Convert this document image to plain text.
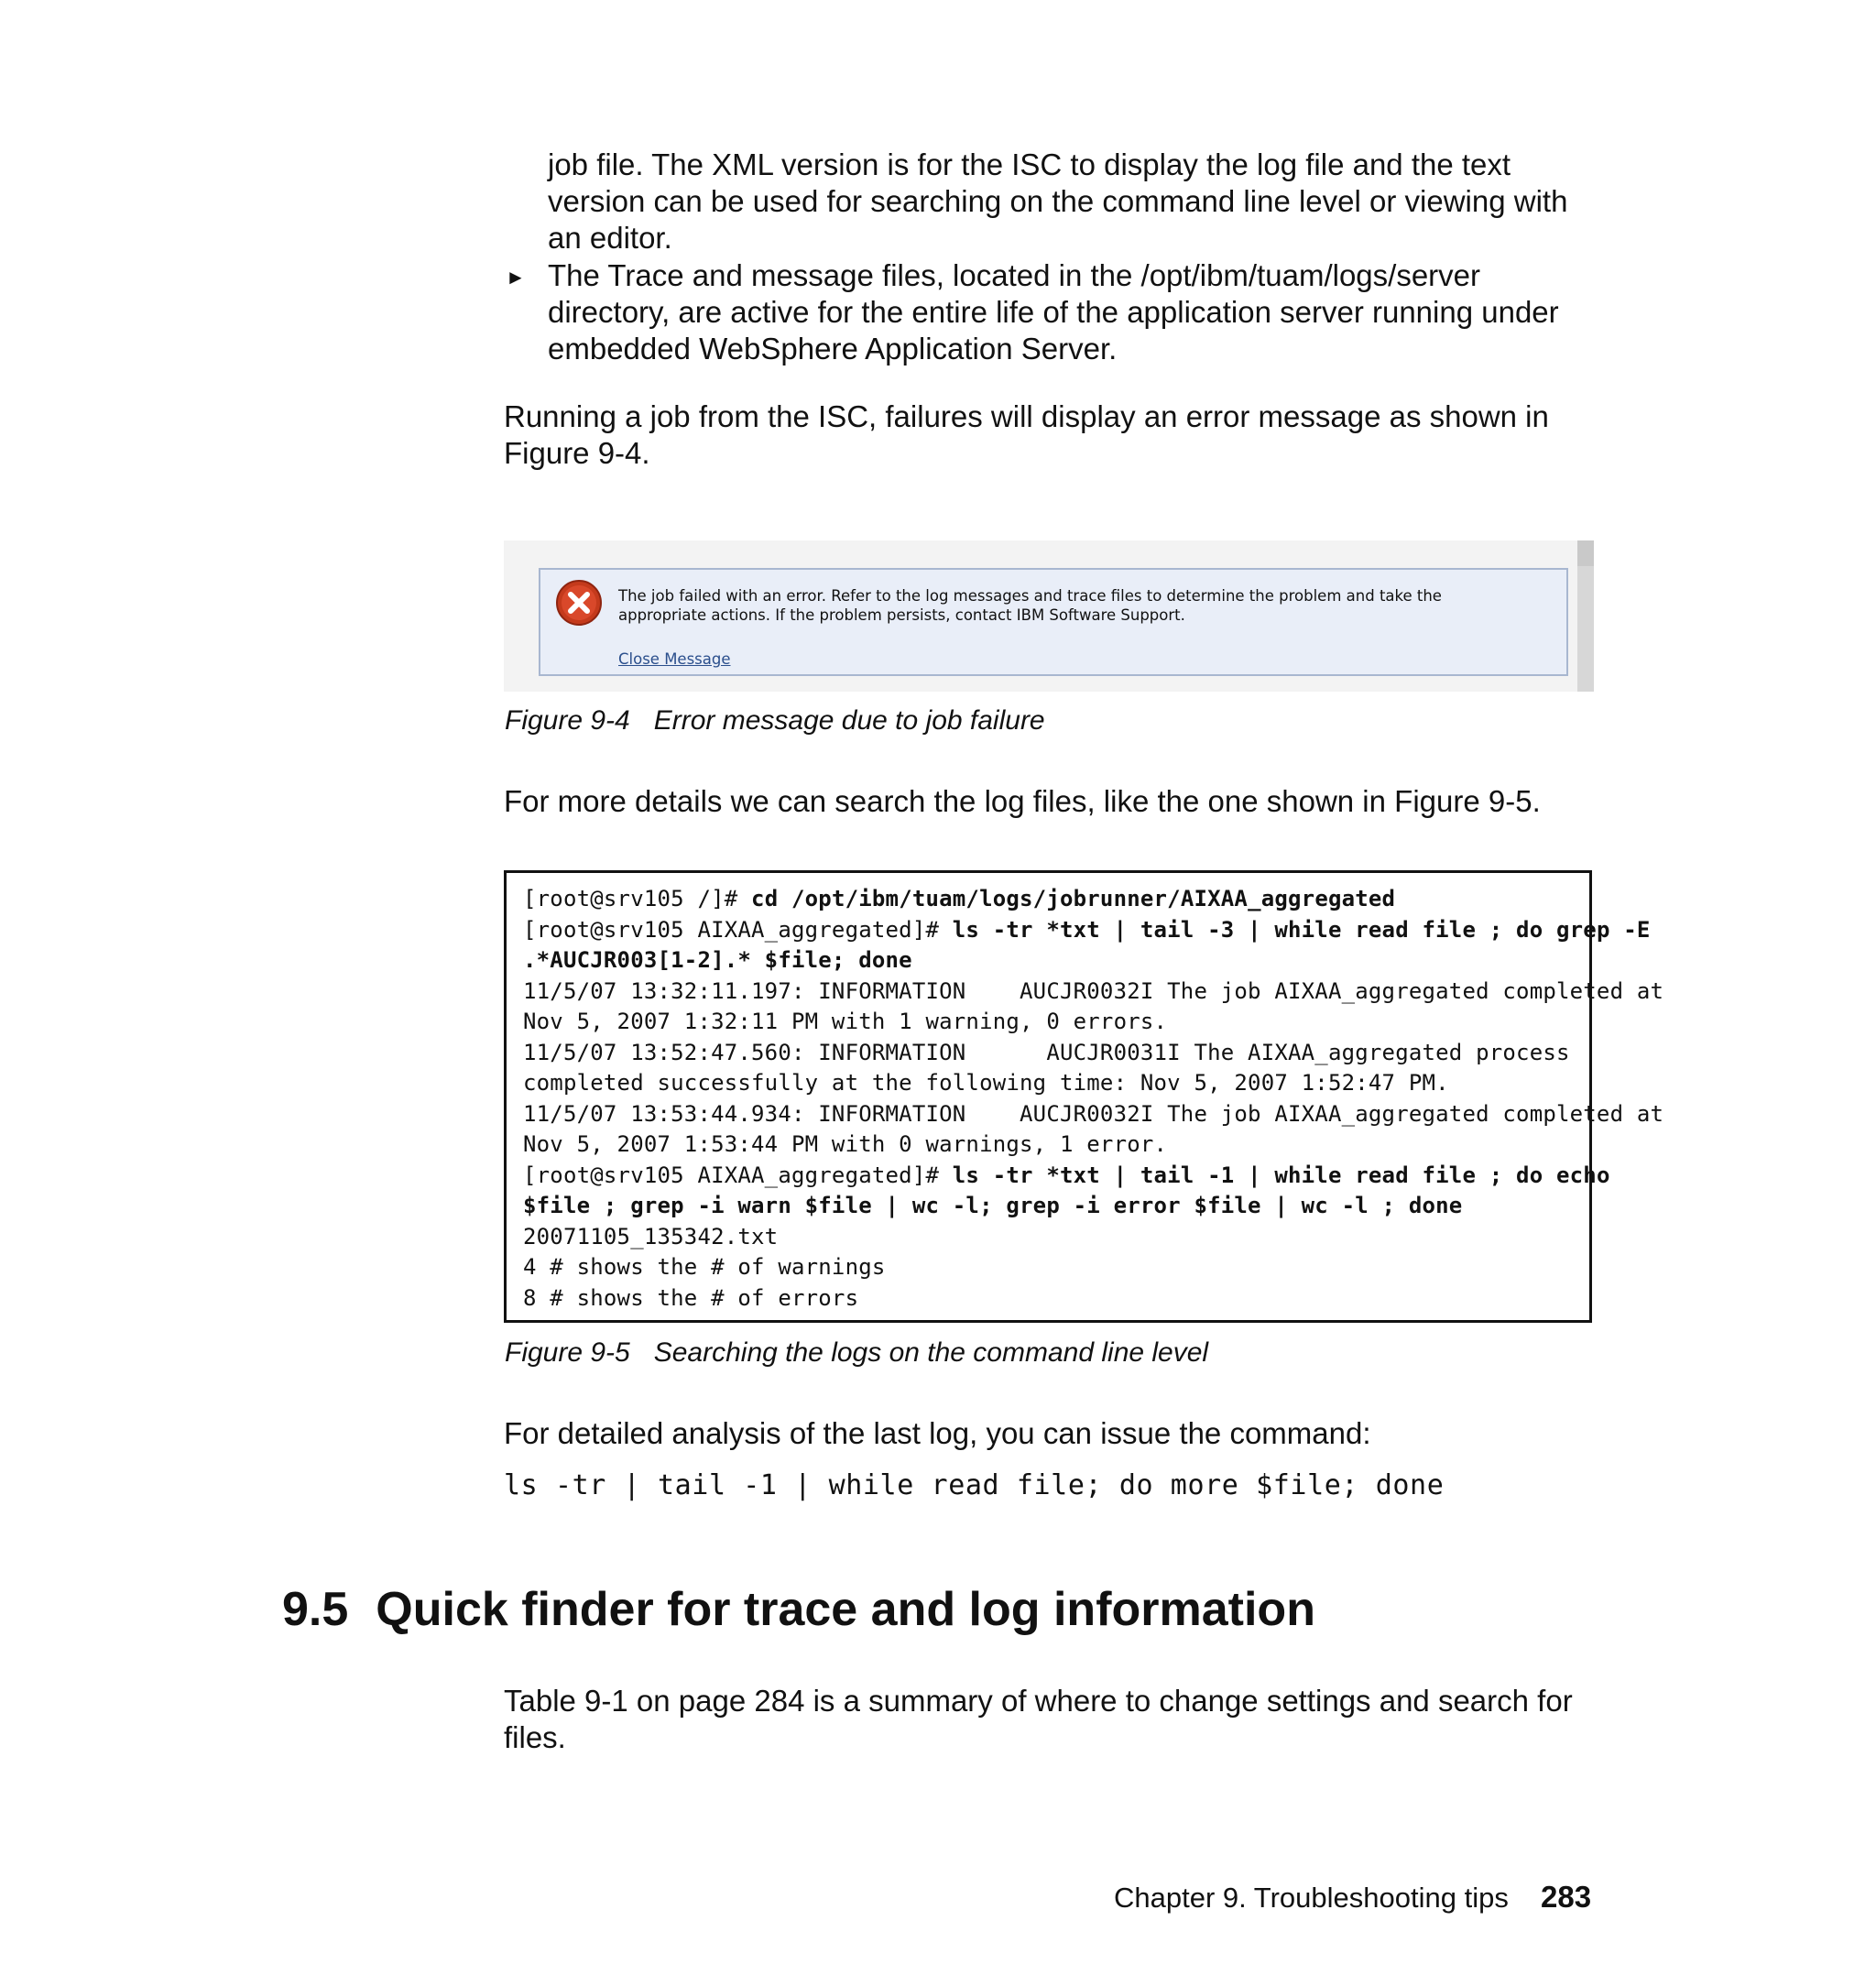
job file. The XML version is for the ISC to display the log file and the text
version can be used for searching on the command line level or viewing with
an editor.
► The Trace and message files, located in the /opt/ibm/tuam/logs/server
directory, are active for the entire life of the application server running under
embedded WebSphere Application Server.
Running a job from the ISC, failures will display an error message as shown in
Figure 9-4.
The job failed with an error. Refer to the log messages and trace files to determine the problem and take the
appropriate actions. If the problem persists, contact IBM Software Support.
Close Message
Figure 9-4 Error message due to job failure
For more details we can search the log files, like the one shown in Figure 9-5.
[root@srv105 /]# cd /opt/ibm/tuam/logs/jobrunner/AIXAA_aggregated
[root@srv105 AIXAA_aggregated]# ls -tr *txt | tail -3 | while read file ; do grep -E
.*AUCJR003[1-2].* $file; done
11/5/07 13:32:11.197: INFORMATION    AUCJR0032I The job AIXAA_aggregated completed at
Nov 5, 2007 1:32:11 PM with 1 warning, 0 errors.
11/5/07 13:52:47.560: INFORMATION      AUCJR0031I The AIXAA_aggregated process
completed successfully at the following time: Nov 5, 2007 1:52:47 PM.
11/5/07 13:53:44.934: INFORMATION    AUCJR0032I The job AIXAA_aggregated completed at
Nov 5, 2007 1:53:44 PM with 0 warnings, 1 error.
[root@srv105 AIXAA_aggregated]# ls -tr *txt | tail -1 | while read file ; do echo
$file ; grep -i warn $file | wc -l; grep -i error $file | wc -l ; done
20071105_135342.txt
4 # shows the # of warnings
8 # shows the # of errors
Figure 9-5 Searching the logs on the command line level
For detailed analysis of the last log, you can issue the command:
ls -tr | tail -1 | while read file; do more $file; done
9.5 Quick finder for trace and log information
Table 9-1 on page 284 is a summary of where to change settings and search for
files.
Chapter 9. Troubleshooting tips 283
